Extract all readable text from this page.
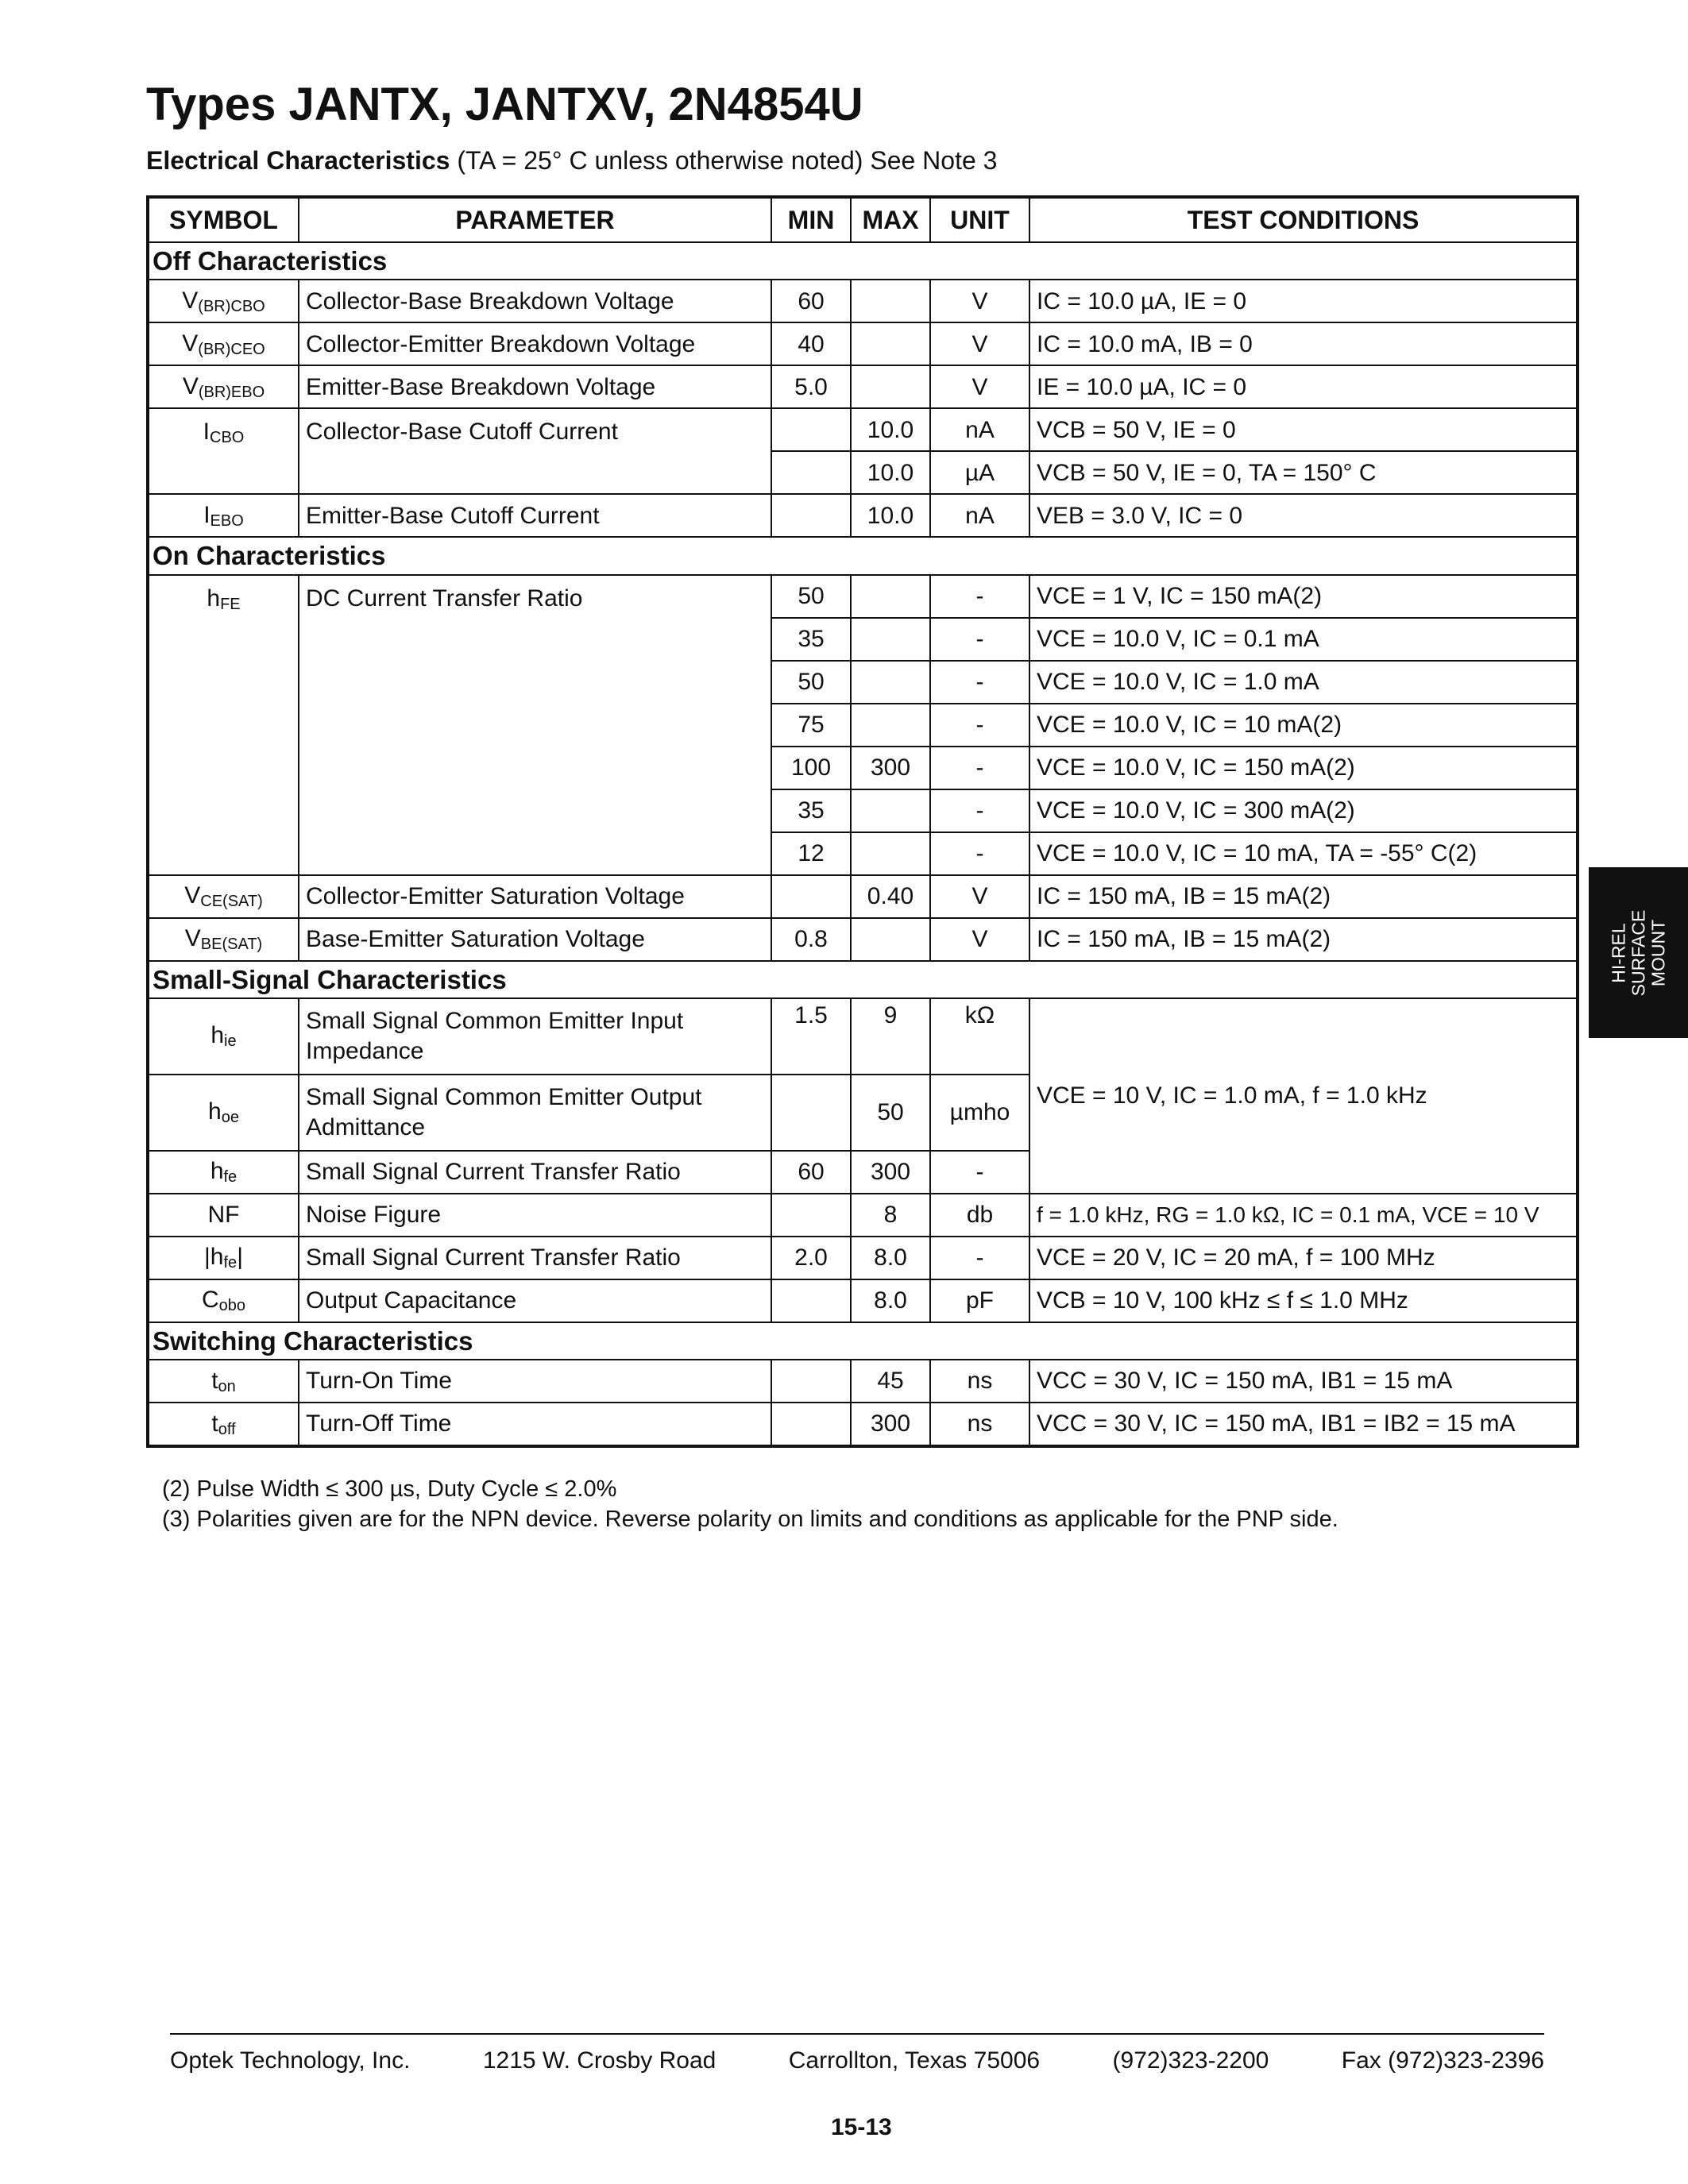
Types JANTX, JANTXV, 2N4854U
Electrical Characteristics (TA = 25° C unless otherwise noted) See Note 3
SYMBOL	PARAMETER	MIN	MAX	UNIT	TEST CONDITIONS
Off Characteristics					
$V_{(BR)CBO}$	Collector-Base Breakdown Voltage	60		V	IC = 10.0 µA, IE = 0
$V_{(BR)CEO}$	Collector-Emitter Breakdown Voltage	40		V	IC = 10.0 mA, IB = 0
$V_{(BR)EBO}$	Emitter-Base Breakdown Voltage	5.0		V	IE = 10.0 µA, IC = 0
$I_{CBO}$	Collector-Base Cutoff Current		10.0	nA	VCB = 50 V, IE = 0
			10.0	µA	VCB = 50 V, IE = 0, TA = 150° C
$I_{EBO}$	Emitter-Base Cutoff Current		10.0	nA	VEB = 3.0 V, IC = 0
On Characteristics					
$h_{FE}$	DC Current Transfer Ratio	50		-	VCE = 1 V, IC = 150 mA(2)
		35		-	VCE = 10.0 V, IC = 0.1 mA
		50		-	VCE = 10.0 V, IC = 1.0 mA
		75		-	VCE = 10.0 V, IC = 10 mA(2)
		100	300	-	VCE = 10.0 V, IC = 150 mA(2)
		35		-	VCE = 10.0 V, IC = 300 mA(2)
		12		-	VCE = 10.0 V, IC = 10 mA, TA = -55° C(2)
$V_{CE(SAT)}$	Collector-Emitter Saturation Voltage		0.40	V	IC = 150 mA, IB = 15 mA(2)
$V_{BE(SAT)}$	Base-Emitter Saturation Voltage	0.8		V	IC = 150 mA, IB = 15 mA(2)
Small-Signal Characteristics					
$h_{ie}$	Small Signal Common Emitter Input Impedance	1.5	9	kΩ	VCE = 10 V, IC = 1.0 mA, f = 1.0 kHz
$h_{oe}$	Small Signal Common Emitter Output Admittance		50	µmho	
$h_{fe}$	Small Signal Current Transfer Ratio	60	300	-	
NF	Noise Figure		8	db	f = 1.0 kHz, RG = 1.0 kΩ, IC = 0.1 mA, VCE = 10 V
$|h_{fe}|$	Small Signal Current Transfer Ratio	2.0	8.0	-	VCE = 20 V, IC = 20 mA, f = 100 MHz
$C_{obo}$	Output Capacitance		8.0	pF	VCB = 10 V, 100 kHz ≤ f ≤ 1.0 MHz
Switching Characteristics					
$t_{on}$	Turn-On Time		45	ns	VCC = 30 V, IC = 150 mA, IB1 = 15 mA
$t_{off}$	Turn-Off Time		300	ns	VCC = 30 V, IC = 150 mA, IB1 = IB2 = 15 mA
(2) Pulse Width ≤ 300 µs, Duty Cycle ≤ 2.0%
(3) Polarities given are for the NPN device. Reverse polarity on limits and conditions as applicable for the PNP side.
HI-REL SURFACE MOUNT
Optek Technology, Inc.	1215 W. Crosby Road	Carrollton, Texas 75006	(972)323-2200	Fax (972)323-2396
15-13
